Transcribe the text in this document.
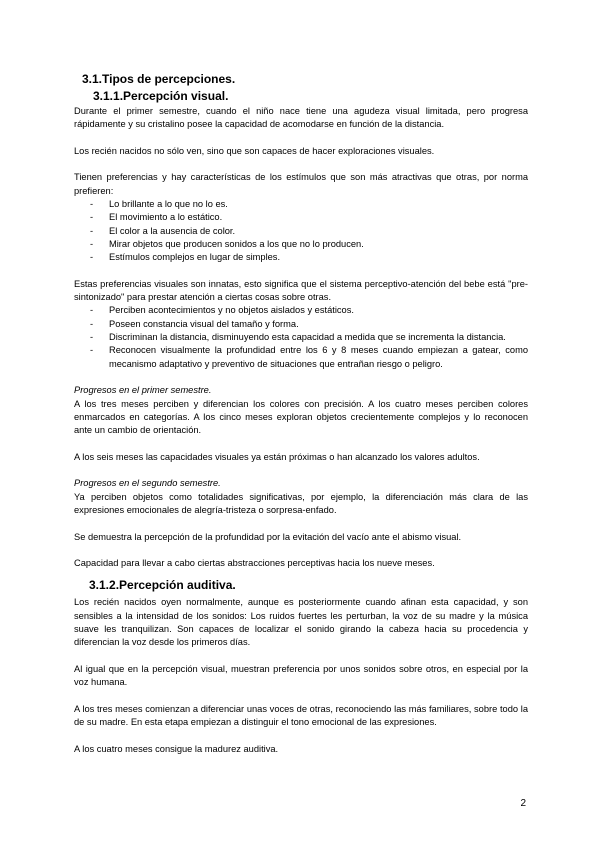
3.1.Tipos de percepciones.
3.1.1.Percepción visual.

Durante el primer semestre, cuando el niño nace tiene una agudeza visual limitada, pero progresa rápidamente y su cristalino posee la capacidad de acomodarse en función de la distancia.

Los recién nacidos no sólo ven, sino que son capaces de hacer exploraciones visuales.

Tienen preferencias y hay características de los estímulos que son más atractivas que otras, por norma prefieren:

- Lo brillante a lo que no lo es.
- El movimiento a lo estático.
- El color a la ausencia de color.
- Mirar objetos que producen sonidos a los que no lo producen.
- Estímulos complejos en lugar de simples.

Estas preferencias visuales son innatas, esto significa que el sistema perceptivo-atención del bebe está "pre-sintonizado" para prestar atención a ciertas cosas sobre otras.

- Perciben acontecimientos y no objetos aislados y estáticos.
- Poseen constancia visual del tamaño y forma.
- Discriminan la distancia, disminuyendo esta capacidad a medida que se incrementa la distancia.
- Reconocen visualmente la profundidad entre los 6 y 8 meses cuando empiezan a gatear, como mecanismo adaptativo y preventivo de situaciones que entrañan riesgo o peligro.

Progresos en el primer semestre.

A los tres meses perciben y diferencian los colores con precisión. A los cuatro meses perciben colores enmarcados en categorías. A los cinco meses exploran objetos crecientemente complejos y lo reconocen ante un cambio de orientación.

A los seis meses las capacidades visuales ya están próximas o han alcanzado los valores adultos.

Progresos en el segundo semestre.

Ya perciben objetos como totalidades significativas, por ejemplo, la diferenciación más clara de las expresiones emocionales de alegría-tristeza o sorpresa-enfado.

Se demuestra la percepción de la profundidad por la evitación del vacío ante el abismo visual.

Capacidad para llevar a cabo ciertas abstracciones perceptivas hacia los nueve meses.

3.1.2.Percepción auditiva.

Los recién nacidos oyen normalmente, aunque es posteriormente cuando afinan esta capacidad, y son sensibles a la intensidad de los sonidos: Los ruidos fuertes les perturban, la voz de su madre y la música suave les tranquilizan. Son capaces de localizar el sonido girando la cabeza hacia su procedencia y diferencian la voz desde los primeros días.

Al igual que en la percepción visual, muestran preferencia por unos sonidos sobre otros, en especial por la voz humana.

A los tres meses comienzan a diferenciar unas voces de otras, reconociendo las más familiares, sobre todo la de su madre. En esta etapa empiezan a distinguir el tono emocional de las expresiones.

A los cuatro meses consigue la madurez auditiva.

2
